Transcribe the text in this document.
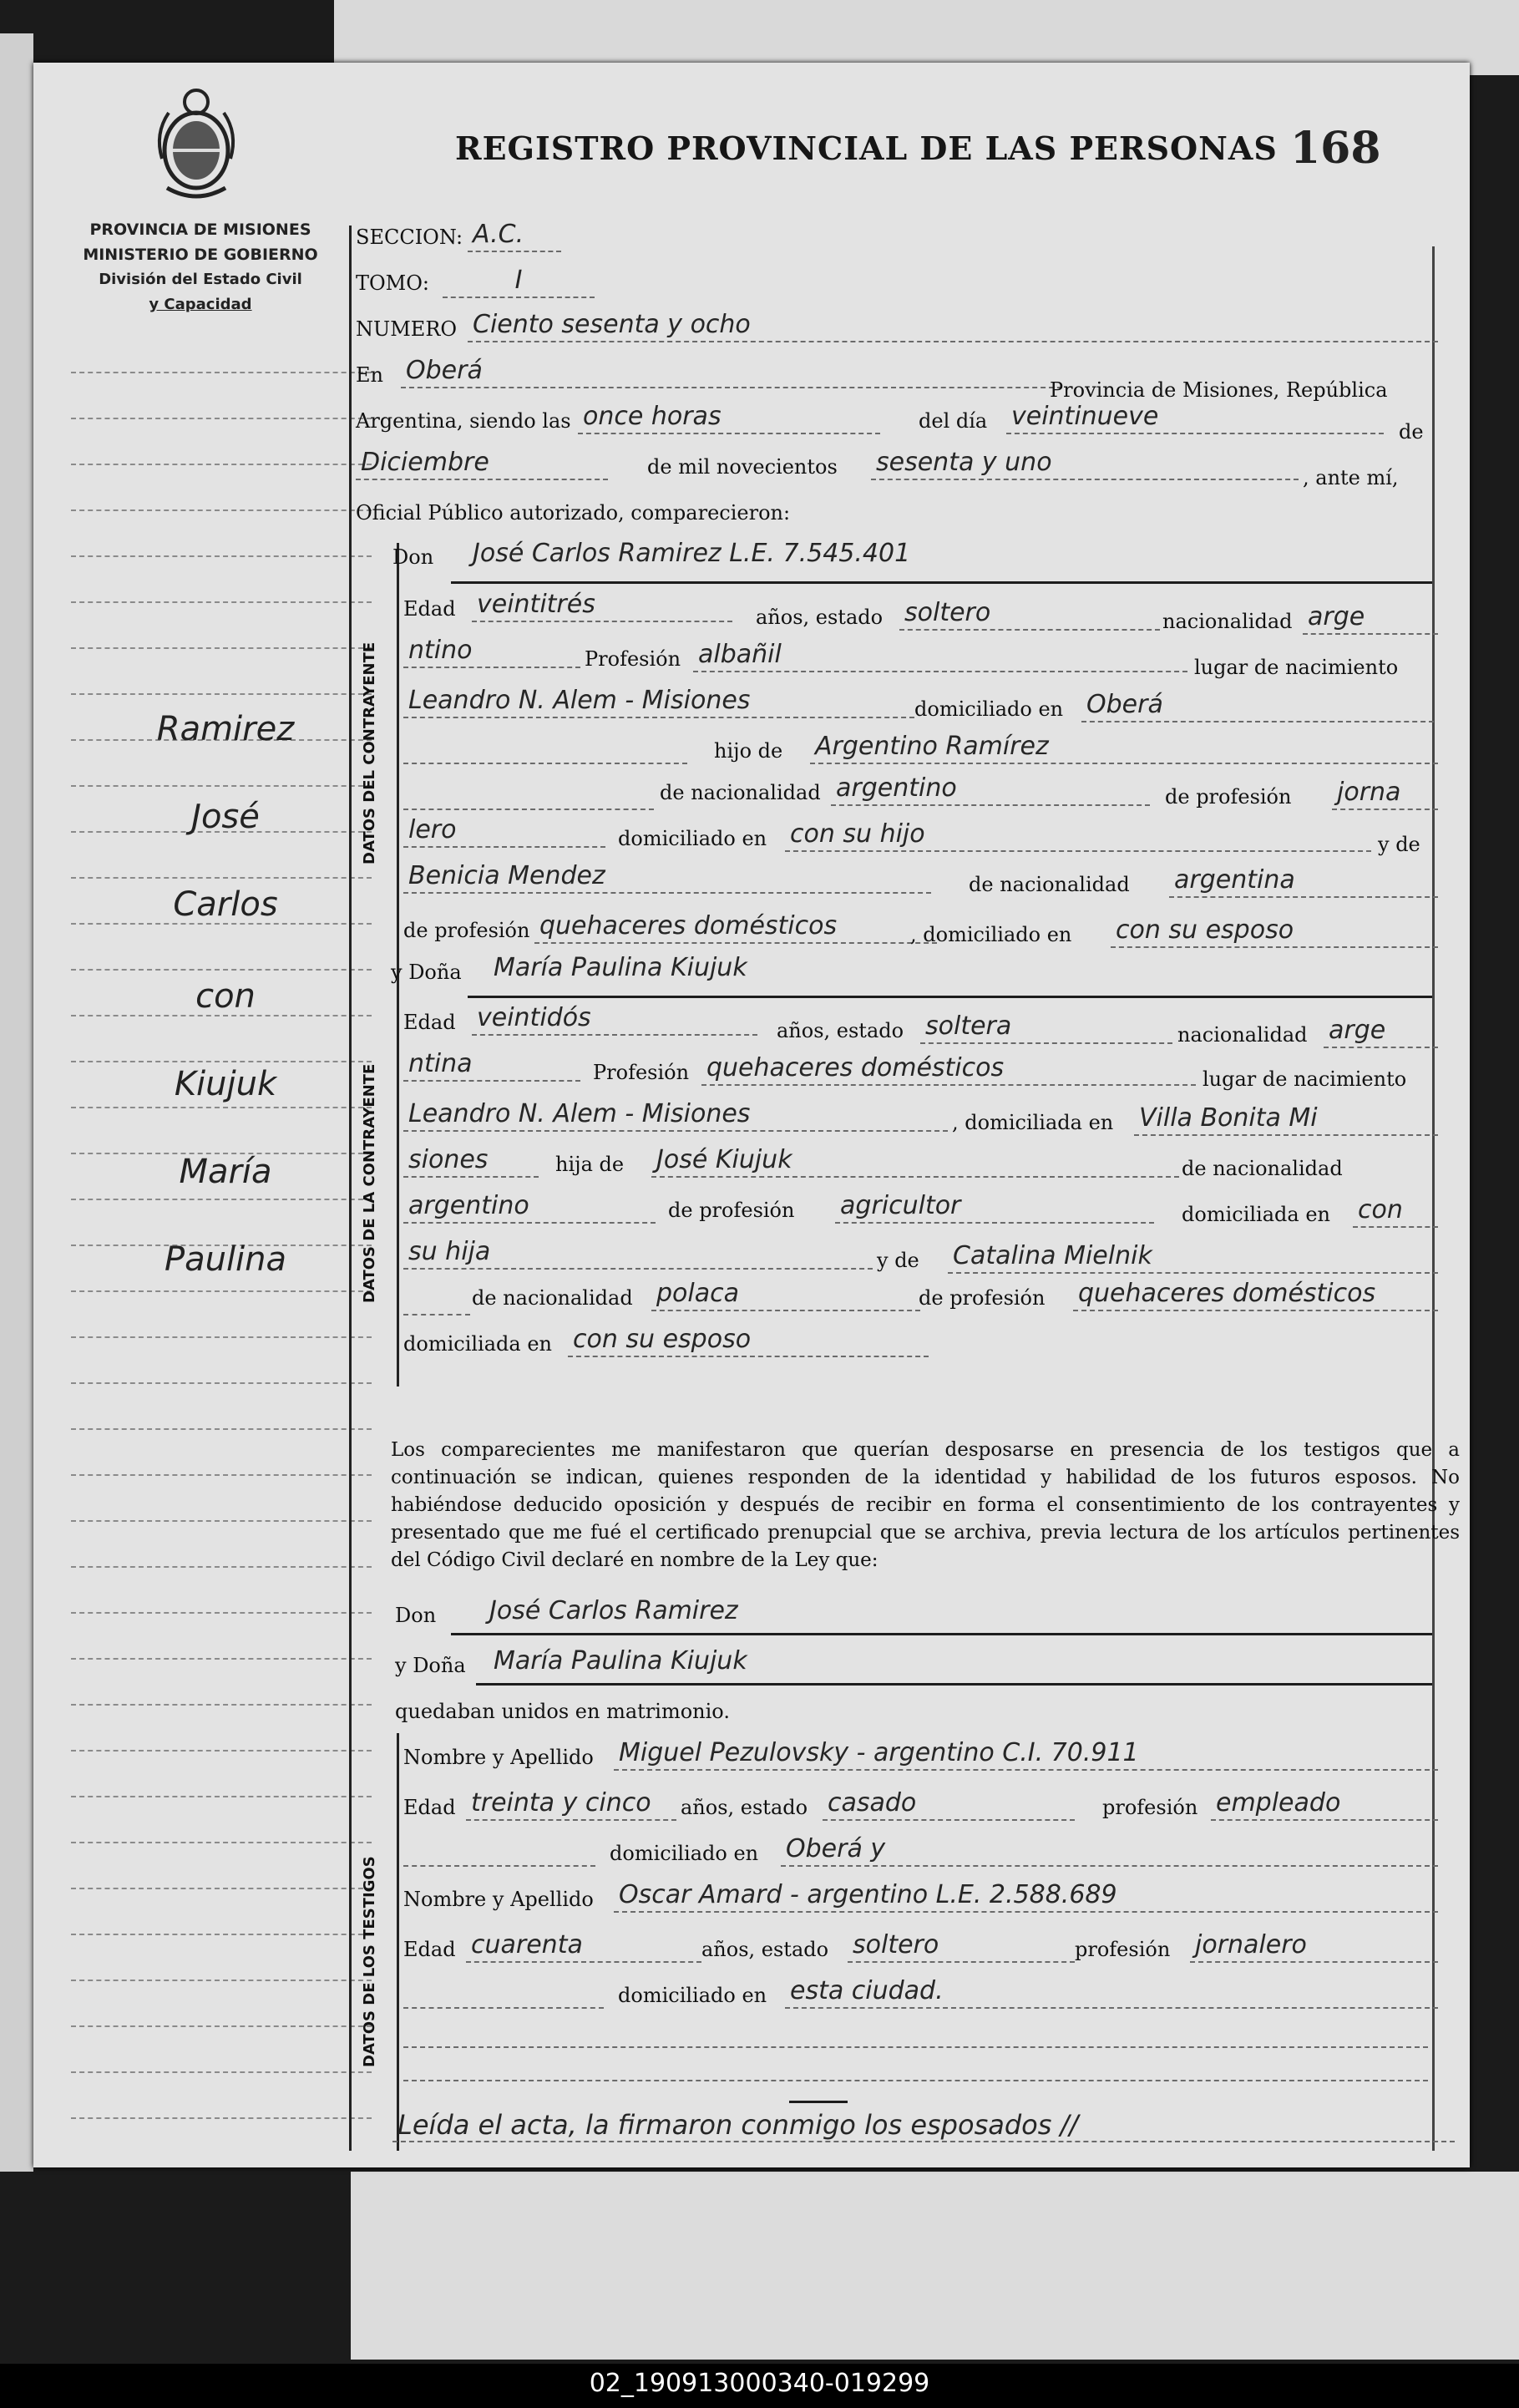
REGISTRO PROVINCIAL DE LAS PERSONAS 168
PROVINCIA DE MISIONES
MINISTERIO DE GOBIERNO
División del Estado Civil
y Capacidad
Ramirez
José
Carlos
con
Kiujuk
María
Paulina
SECCION: A.C.
TOMO:	I
NUMERO Ciento sesenta y ocho
En Oberá
Provincia de Misiones, República
Argentina, siendo las once horas	del día veintinueve
de
Diciembre	de mil novecientos sesenta y uno
, ante mí,
Oficial Público autorizado, comparecieron:
Don José Carlos Ramirez L.E. 7.545.401
DATOS DEL CONTRAYENTE
Edad veintitrés	años, estado soltero	nacionalidad arge
ntino	Profesión albañil	lugar de nacimiento
Leandro N. Alem - Misiones	domiciliado en Oberá
hijo de Argentino Ramírez
de nacionalidad argentino	de profesión jorna
lero	domiciliado en con su hijo	y de
Benicia Mendez	de nacionalidad argentina
de profesión quehaceres domésticos	, domiciliado en con su esposo
y Doña María Paulina Kiujuk
DATOS DE LA CONTRAYENTE
Edad veintidós	años, estado soltera	nacionalidad arge
ntina	Profesión quehaceres domésticos	lugar de nacimiento
Leandro N. Alem - Misiones	, domiciliada en Villa Bonita Mi
siones	hija de José Kiujuk	de nacionalidad
argentino	de profesión agricultor	domiciliada en con
su hija	y de Catalina Mielnik
de nacionalidad polaca	de profesión quehaceres domésticos
domiciliada en con su esposo
Los comparecientes me manifestaron que querían desposarse en presencia de los testigos que a continuación se indican, quienes responden de la identidad y habilidad de los futuros esposos. No habiéndose deducido oposición y después de recibir en forma el consentimiento de los contrayentes y presentado que me fué el certificado prenupcial que se archiva, previa lectura de los artículos pertinentes del Código Civil declaré en nombre de la Ley que:
Don José Carlos Ramirez
y Doña María Paulina Kiujuk
quedaban unidos en matrimonio.
DATOS DE LOS TESTIGOS
Nombre y Apellido Miguel Pezulovsky - argentino C.I. 70.911
Edad treinta y cinco	años, estado casado	profesión empleado
domiciliado en Oberá y
Nombre y Apellido Oscar Amard - argentino L.E. 2.588.689
Edad cuarenta	años, estado soltero	profesión jornalero
domiciliado en esta ciudad.
Leída el acta, la firmaron conmigo los esposados //
02_190913000340-019299
